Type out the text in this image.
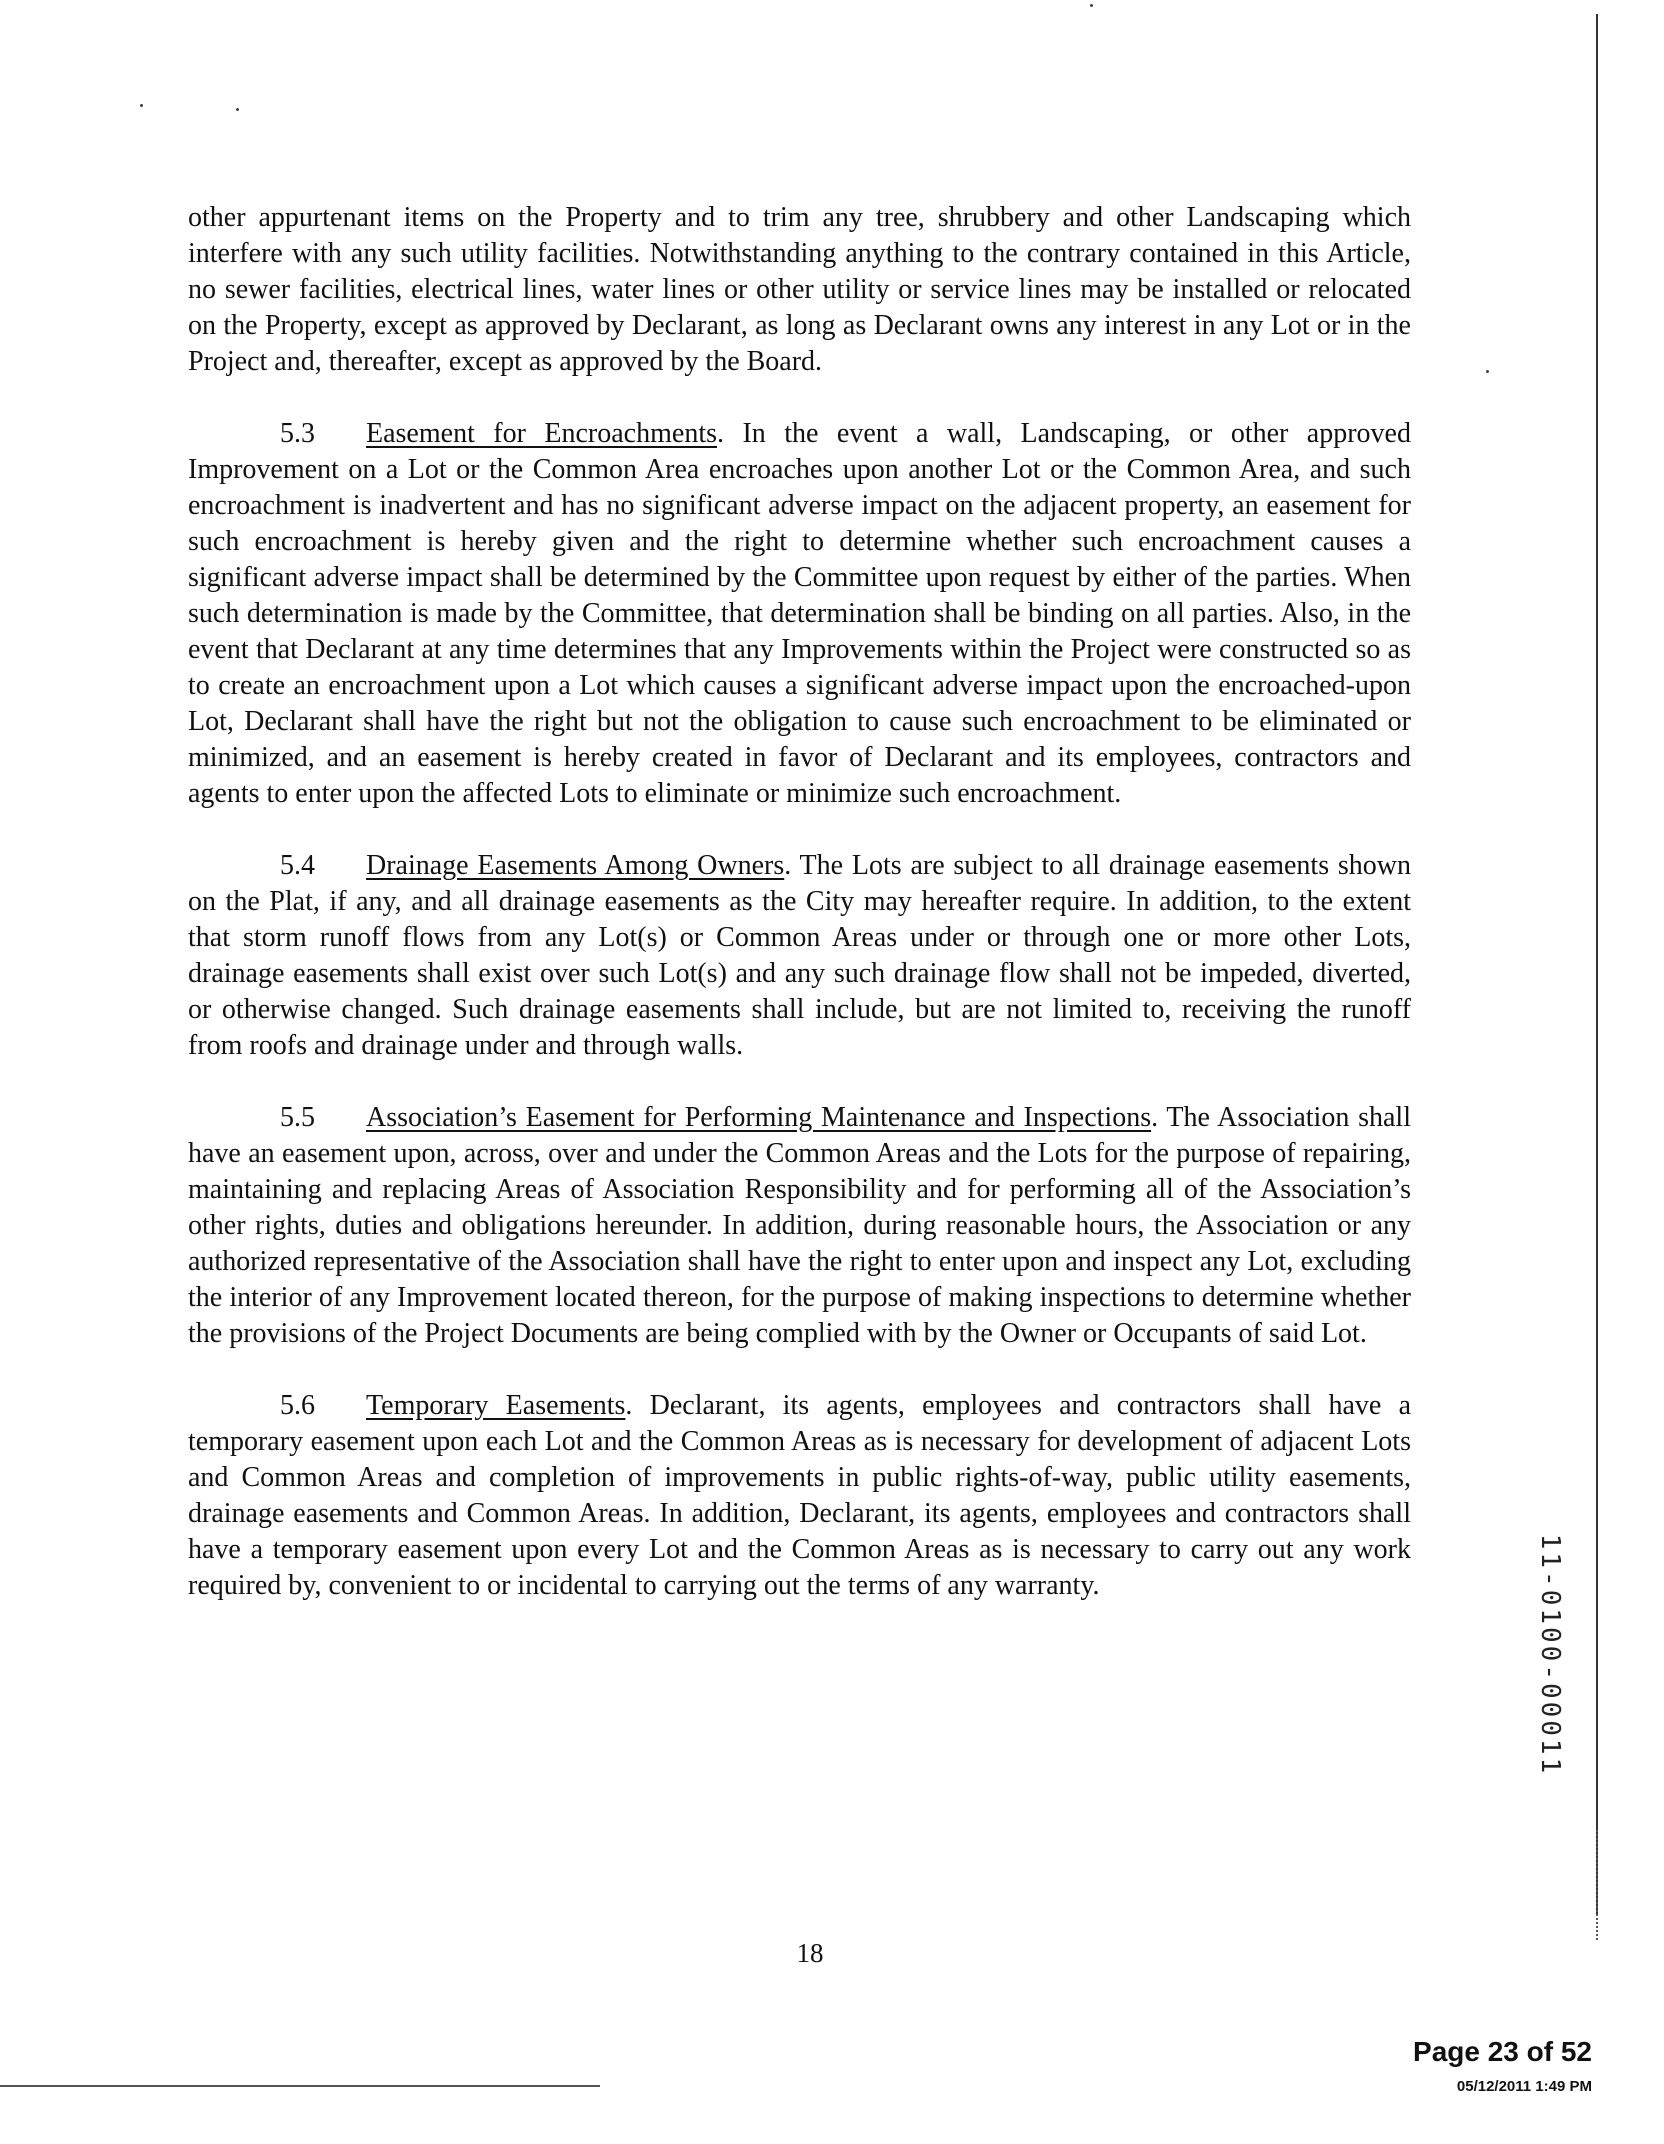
other appurtenant items on the Property and to trim any tree, shrubbery and other Landscaping which interfere with any such utility facilities. Notwithstanding anything to the contrary contained in this Article, no sewer facilities, electrical lines, water lines or other utility or service lines may be installed or relocated on the Property, except as approved by Declarant, as long as Declarant owns any interest in any Lot or in the Project and, thereafter, except as approved by the Board.

5.3 Easement for Encroachments. In the event a wall, Landscaping, or other approved Improvement on a Lot or the Common Area encroaches upon another Lot or the Common Area, and such encroachment is inadvertent and has no significant adverse impact on the adjacent property, an easement for such encroachment is hereby given and the right to determine whether such encroachment causes a significant adverse impact shall be determined by the Committee upon request by either of the parties. When such determination is made by the Committee, that determination shall be binding on all parties. Also, in the event that Declarant at any time determines that any Improvements within the Project were constructed so as to create an encroachment upon a Lot which causes a significant adverse impact upon the encroached-upon Lot, Declarant shall have the right but not the obligation to cause such encroachment to be eliminated or minimized, and an easement is hereby created in favor of Declarant and its employees, contractors and agents to enter upon the affected Lots to eliminate or minimize such encroachment.

5.4 Drainage Easements Among Owners. The Lots are subject to all drainage easements shown on the Plat, if any, and all drainage easements as the City may hereafter require. In addition, to the extent that storm runoff flows from any Lot(s) or Common Areas under or through one or more other Lots, drainage easements shall exist over such Lot(s) and any such drainage flow shall not be impeded, diverted, or otherwise changed. Such drainage easements shall include, but are not limited to, receiving the runoff from roofs and drainage under and through walls.

5.5 Association’s Easement for Performing Maintenance and Inspections. The Association shall have an easement upon, across, over and under the Common Areas and the Lots for the purpose of repairing, maintaining and replacing Areas of Association Responsibility and for performing all of the Association’s other rights, duties and obligations hereunder. In addition, during reasonable hours, the Association or any authorized representative of the Association shall have the right to enter upon and inspect any Lot, excluding the interior of any Improvement located thereon, for the purpose of making inspections to determine whether the provisions of the Project Documents are being complied with by the Owner or Occupants of said Lot.

5.6 Temporary Easements. Declarant, its agents, employees and contractors shall have a temporary easement upon each Lot and the Common Areas as is necessary for development of adjacent Lots and Common Areas and completion of improvements in public rights-of-way, public utility easements, drainage easements and Common Areas. In addition, Declarant, its agents, employees and contractors shall have a temporary easement upon every Lot and the Common Areas as is necessary to carry out any work required by, convenient to or incidental to carrying out the terms of any warranty.	11-0100-00011
18
Page 23 of 52
05/12/2011 1:49 PM
